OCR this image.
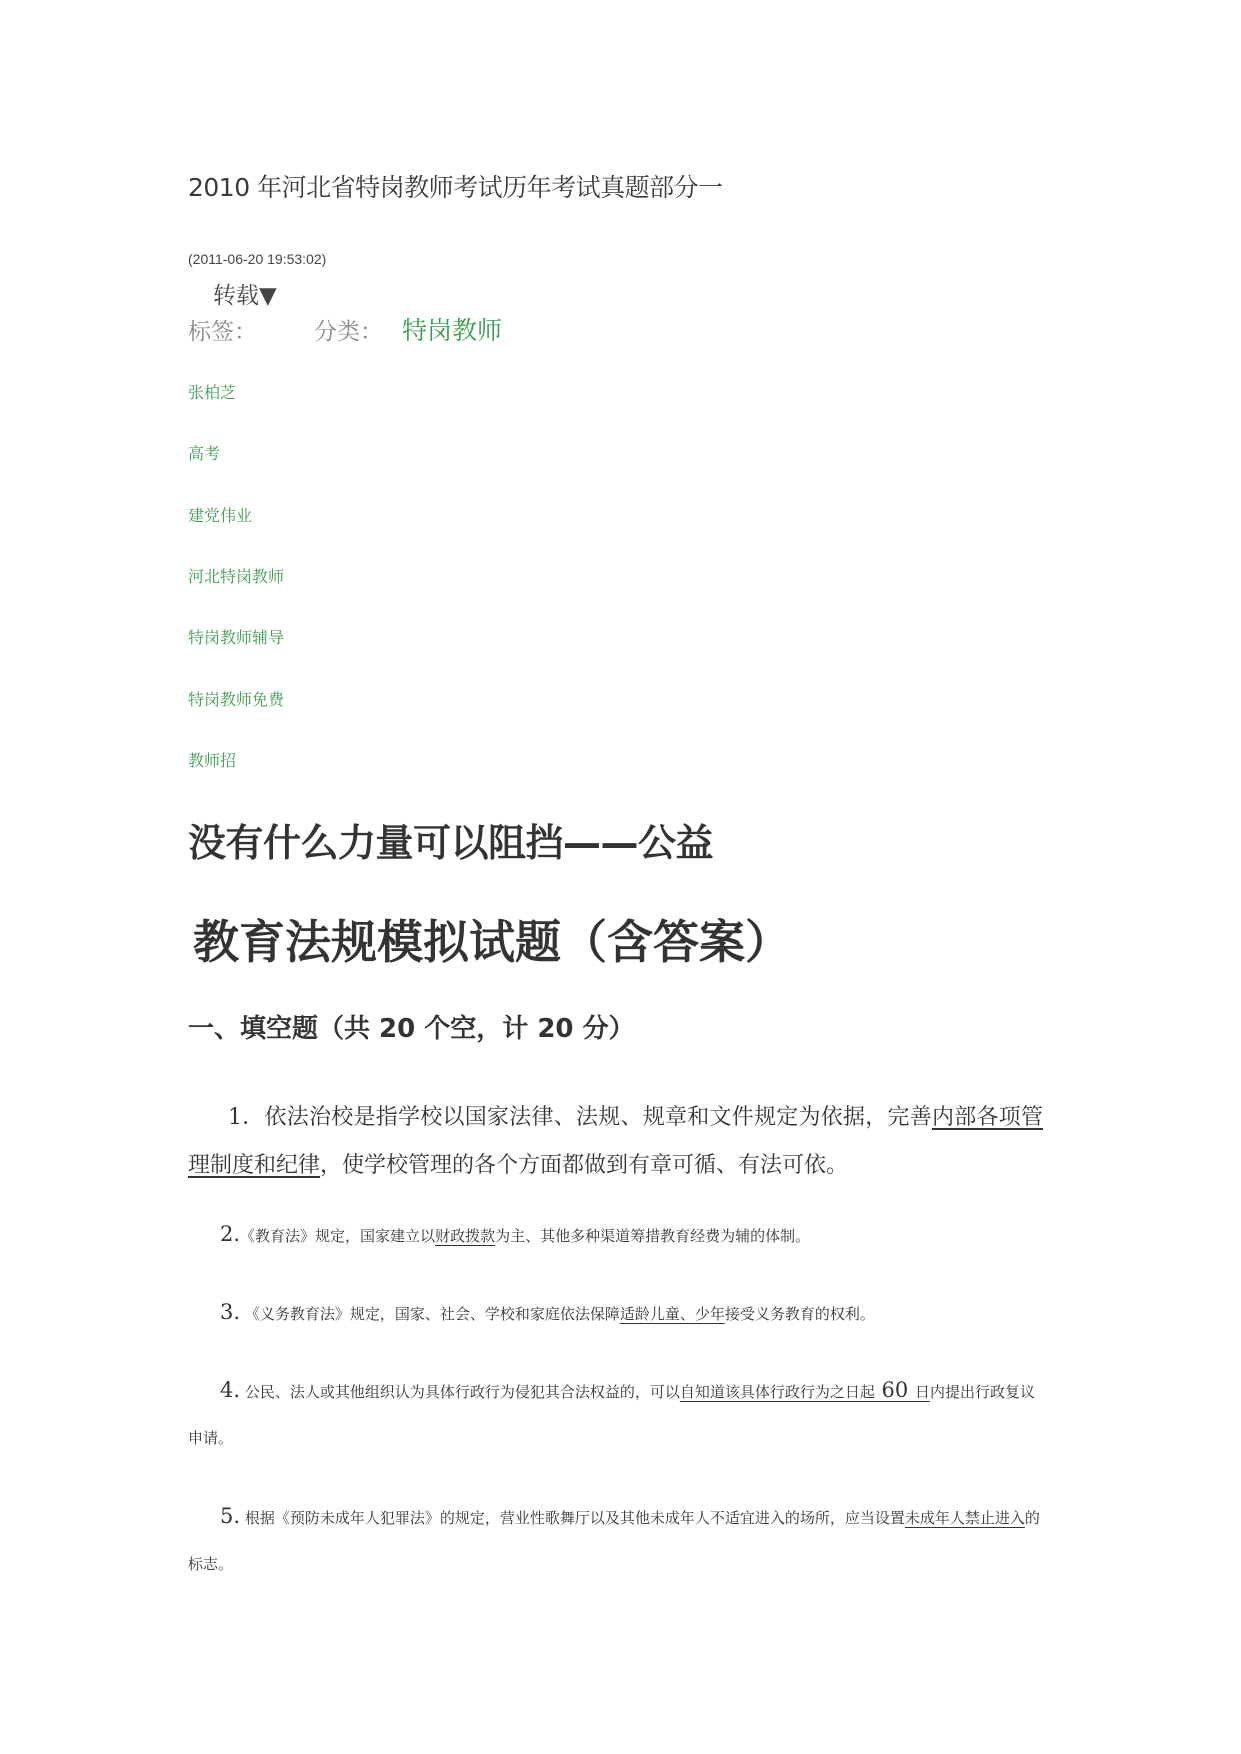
2010 年河北省特岗教师考试历年考试真题部分一
(2011-06-20 19:53:02)
转载▼
标签： 分类： 特岗教师
张柏芝
高考
建党伟业
河北特岗教师
特岗教师辅导
特岗教师免费
教师招
没有什么力量可以阻挡——公益
教育法规模拟试题（含答案）
一、填空题（共 20 个空，计 20 分）
1．依法治校是指学校以国家法律、法规、规章和文件规定为依据，完善内部各项管理制度和纪律，使学校管理的各个方面都做到有章可循、有法可依。
2.《教育法》规定，国家建立以财政拨款为主、其他多种渠道筹措教育经费为辅的体制。
3. 《义务教育法》规定，国家、社会、学校和家庭依法保障适龄儿童、少年接受义务教育的权利。
4. 公民、法人或其他组织认为具体行政行为侵犯其合法权益的，可以自知道该具体行政行为之日起 60 日内提出行政复议申请。
5. 根据《预防未成年人犯罪法》的规定，营业性歌舞厅以及其他未成年人不适宜进入的场所，应当设置未成年人禁止进入的标志。
